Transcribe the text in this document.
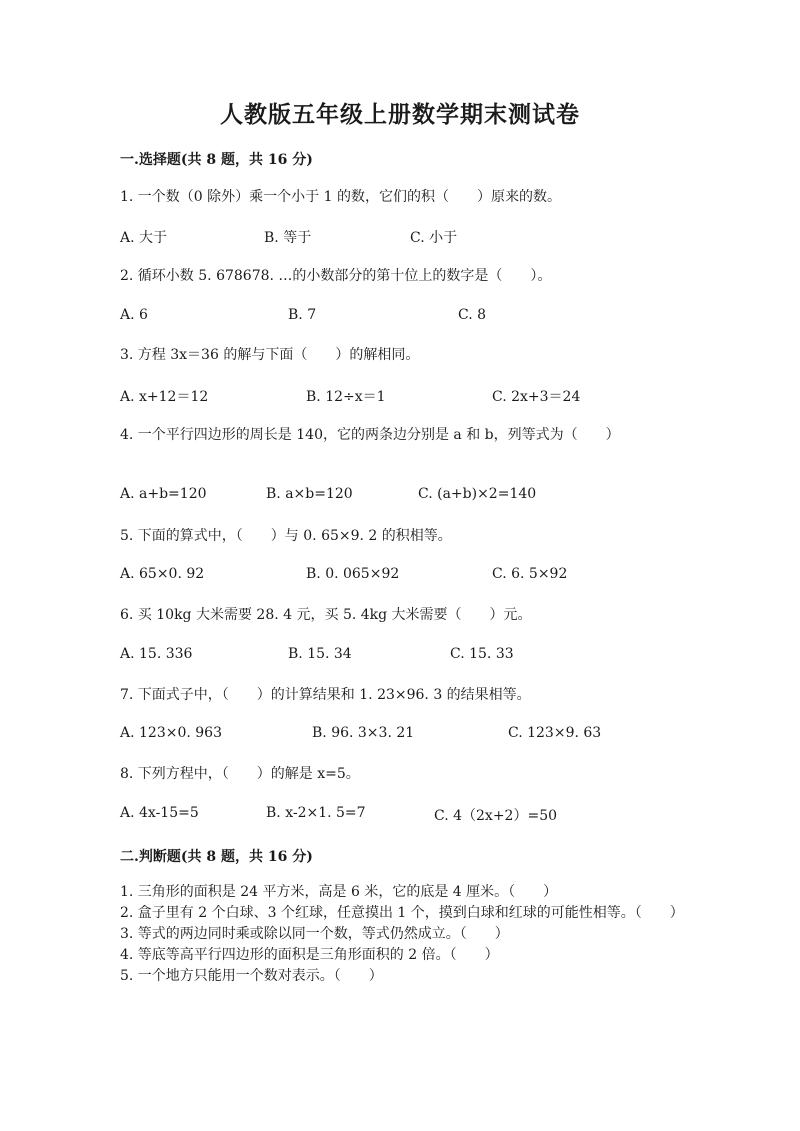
人教版五年级上册数学期末测试卷
一.选择题(共 8 题，共 16 分)
1. 一个数（0 除外）乘一个小于 1 的数，它们的积（　　）原来的数。
A. 大于	B. 等于	C. 小于
2. 循环小数 5. 678678. …的小数部分的第十位上的数字是（　　）。
A. 6	B. 7	C. 8
3. 方程 3x＝36 的解与下面（　　）的解相同。
A. x+12＝12	B. 12÷x＝1	C. 2x+3＝24
4. 一个平行四边形的周长是 140，它的两条边分别是 a 和 b，列等式为（　　）
A. a+b=120	B. a×b=120	C. (a+b)×2=140
5. 下面的算式中，（　　）与 0. 65×9. 2 的积相等。
A. 65×0. 92	B. 0. 065×92	C. 6. 5×92
6. 买 10kg 大米需要 28. 4 元，买 5. 4kg 大米需要（　　）元。
A. 15. 336	B. 15. 34	C. 15. 33
7. 下面式子中，（　　）的计算结果和 1. 23×96. 3 的结果相等。
A. 123×0. 963	B. 96. 3×3. 21	C. 123×9. 63
8. 下列方程中，（　　）的解是 x=5。
A. 4x-15=5	B. x-2×1. 5=7	C. 4（2x+2）=50
二.判断题(共 8 题，共 16 分)

1. 三角形的面积是 24 平方米，高是 6 米，它的底是 4 厘米。（　　）

2. 盒子里有 2 个白球、3 个红球，任意摸出 1 个，摸到白球和红球的可能性相等。（　　）

3. 等式的两边同时乘或除以同一个数，等式仍然成立。（　　）

4. 等底等高平行四边形的面积是三角形面积的 2 倍。（　　）

5. 一个地方只能用一个数对表示。（　　）
